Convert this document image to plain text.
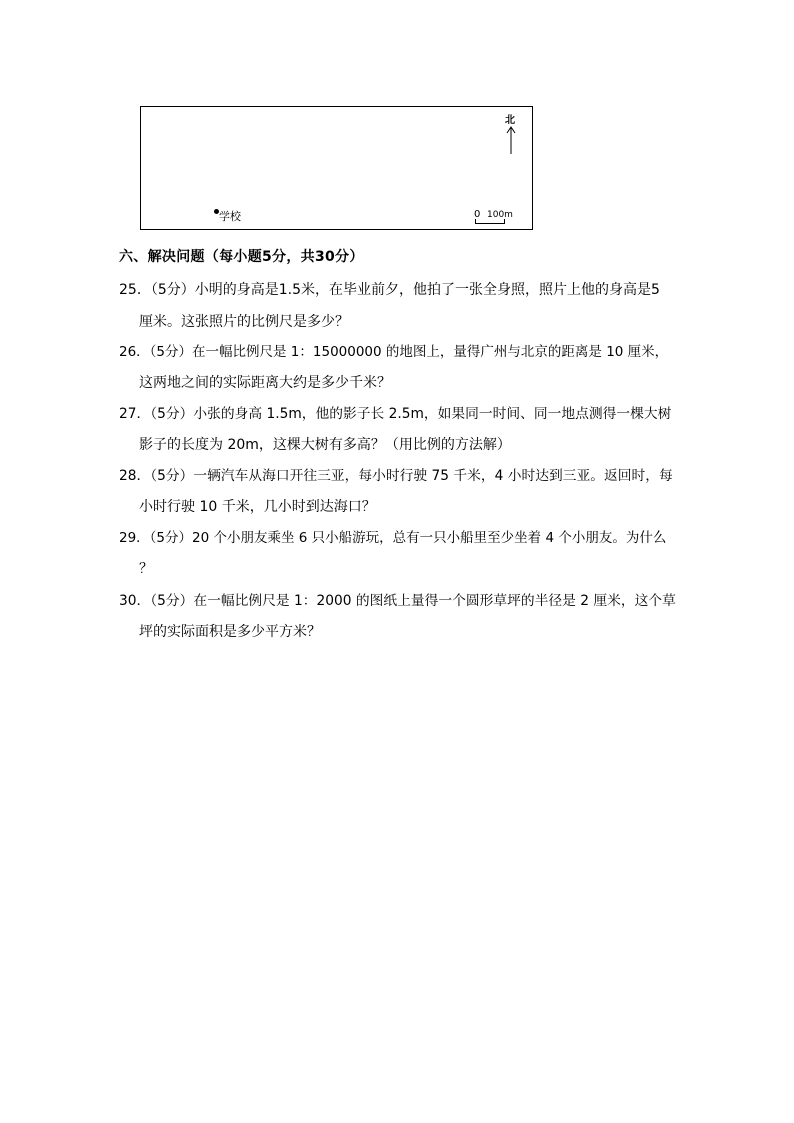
北
学校	0 100m
六、解决问题（每小题5分，共30分）
25．（5分）小明的身高是1.5米，在毕业前夕，他拍了一张全身照，照片上他的身高是5
厘米。这张照片的比例尺是多少？
26．（5分）在一幅比例尺是 1：15000000 的地图上，量得广州与北京的距离是 10 厘米，
这两地之间的实际距离大约是多少千米？
27．（5分）小张的身高 1.5m，他的影子长 2.5m，如果同一时间、同一地点测得一棵大树
影子的长度为 20m，这棵大树有多高？（用比例的方法解）
28．（5分）一辆汽车从海口开往三亚，每小时行驶 75 千米，4 小时达到三亚。返回时，每
小时行驶 10 千米，几小时到达海口？
29．（5分）20 个小朋友乘坐 6 只小船游玩，总有一只小船里至少坐着 4 个小朋友。为什么
？
30．（5分）在一幅比例尺是 1：2000 的图纸上量得一个圆形草坪的半径是 2 厘米，这个草
坪的实际面积是多少平方米？
